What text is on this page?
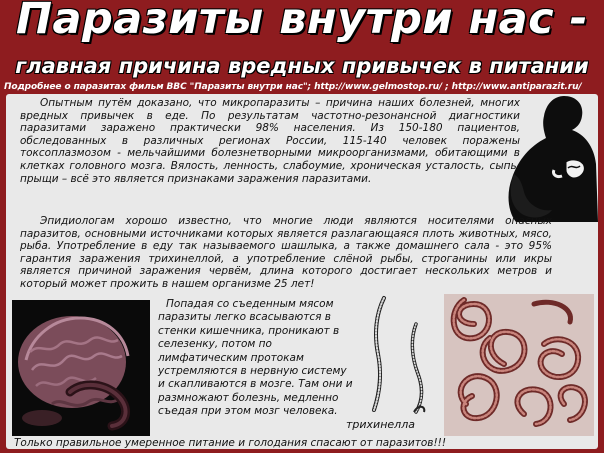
Паразиты внутри нас -
главная причина вредных привычек в питании
Подробнее о паразитах фильм BBC "Паразиты внутри нас"; http://www.gelmostop.ru/ ; http://www.antiparazit.ru/
Опытным путём доказано, что микропаразиты – причина наших болезней, многих вредных привычек в еде. По результатам частотно-резонансной диагностики паразитами заражено практически 98% населения. Из 150-180 пациентов, обследованных в различных регионах России, 115-140 человек поражены токсоплазмозом - мельчайшими болезнетворными микроорганизмами, обитающими в клетках головного мозга. Вялость, ленность, слабоумие, хроническая усталость, сыпь, прыщи – всё это является признаками заражения паразитами.
Эпидиологам хорошо известно, что многие люди являются носителями опасных паразитов, основными источниками которых является разлагающаяся плоть животных, мясо, рыба. Употребление в еду так называемого шашлыка, а также домашнего сала - это 95% гарантия заражения трихинеллой, а употребление слёной рыбы, строганины или икры является причиной заражения червём, длина которого достигает нескольких метров и который может прожить в нашем организме 25 лет!
Попадая со съеденным мясом паразиты легко всасываются в стенки кишечника, проникают в селезенку, потом по лимфатическим протокам устремляются в нервную систему и скапливаются в мозге. Там они и размножают болезнь, медленно съедая при этом мозг человека.
трихинелла
Только правильное умеренное питание и голодания спасают от паразитов!!!
